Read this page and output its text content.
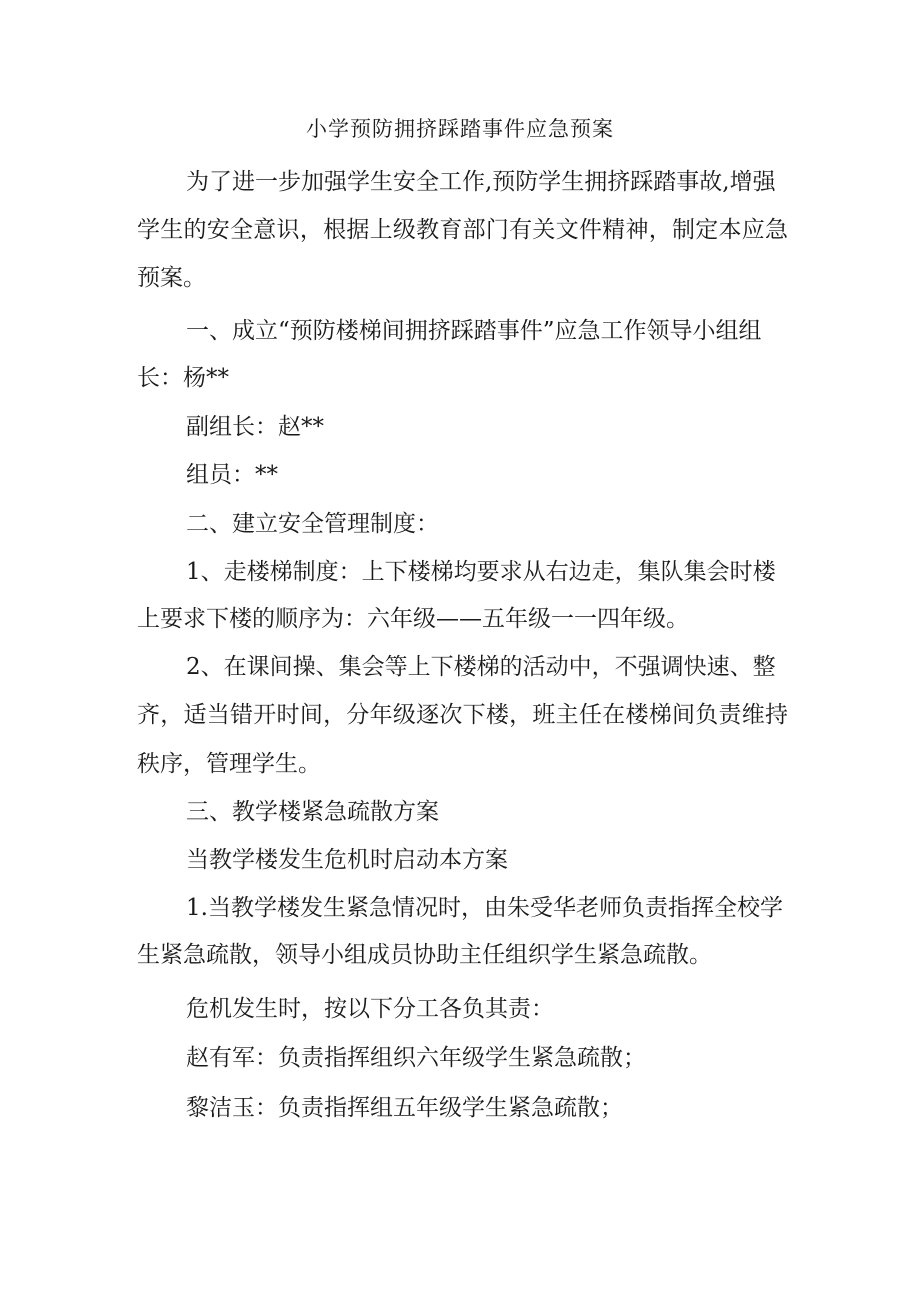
小学预防拥挤踩踏事件应急预案
为了进一步加强学生安全工作,预防学生拥挤踩踏事故,增强
学生的安全意识，根据上级教育部门有关文件精神，制定本应急
预案。
一、成立“预防楼梯间拥挤踩踏事件”应急工作领导小组组
长：杨**
副组长：赵**
组员：**
二、建立安全管理制度：
1、走楼梯制度：上下楼梯均要求从右边走，集队集会时楼
上要求下楼的顺序为：六年级——五年级一一四年级。
2、在课间操、集会等上下楼梯的活动中，不强调快速、整
齐，适当错开时间，分年级逐次下楼，班主任在楼梯间负责维持
秩序，管理学生。
三、教学楼紧急疏散方案
当教学楼发生危机时启动本方案
1.当教学楼发生紧急情况时，由朱受华老师负责指挥全校学
生紧急疏散，领导小组成员协助主任组织学生紧急疏散。
危机发生时，按以下分工各负其责：
赵有军：负责指挥组织六年级学生紧急疏散；
黎洁玉：负责指挥组五年级学生紧急疏散；
